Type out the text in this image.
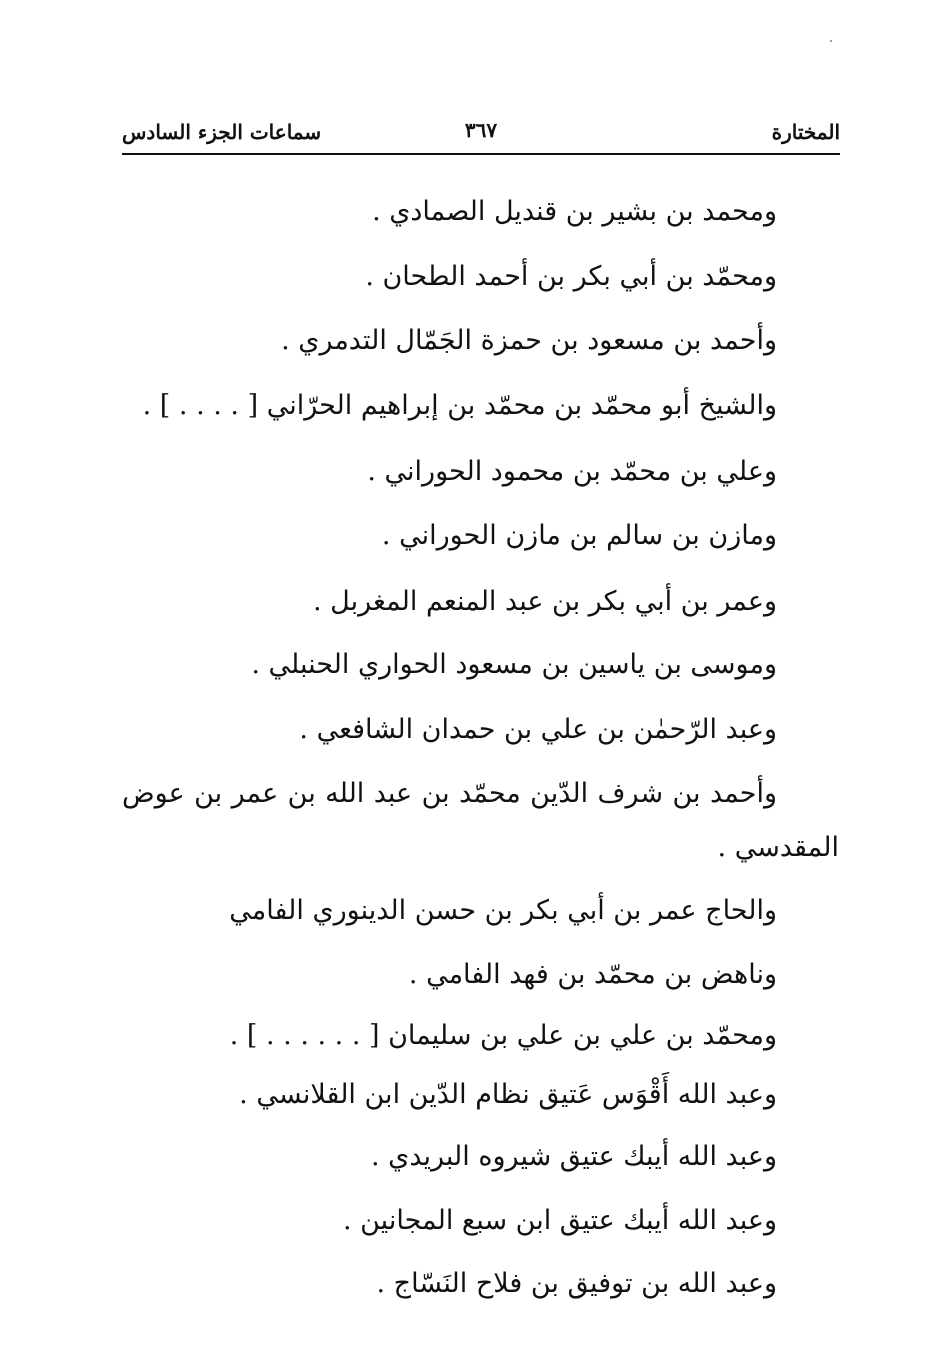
المختارة
٣٦٧
سماعات الجزء السادس
ومحمد بن بشير بن قنديل الصمادي .
ومحمّد بن أبي بكر بن أحمد الطحان .
وأحمد بن مسعود بن حمزة الجَمّال التدمري .
والشيخ أبو محمّد بن محمّد بن إبراهيم الحرّاني [ . . . . ] .
وعلي بن محمّد بن محمود الحوراني .
ومازن بن سالم بن مازن الحوراني .
وعمر بن أبي بكر بن عبد المنعم المغربل .
وموسى بن ياسين بن مسعود الحواري الحنبلي .
وعبد الرّحمٰن بن علي بن حمدان الشافعي .
وأحمد بن شرف الدّين محمّد بن عبد الله بن عمر بن عوض
المقدسي .
والحاج عمر بن أبي بكر بن حسن الدينوري الفامي
وناهض بن محمّد بن فهد الفامي .
ومحمّد بن علي بن علي بن سليمان [ . . . . . . ] .
وعبد الله أَقْوَس عَتيق نظام الدّين ابن القلانسي .
وعبد الله أيبك عتيق شيروه البريدي .
وعبد الله أيبك عتيق ابن سبع المجانين .
وعبد الله بن توفيق بن فلاح النَسّاج .
